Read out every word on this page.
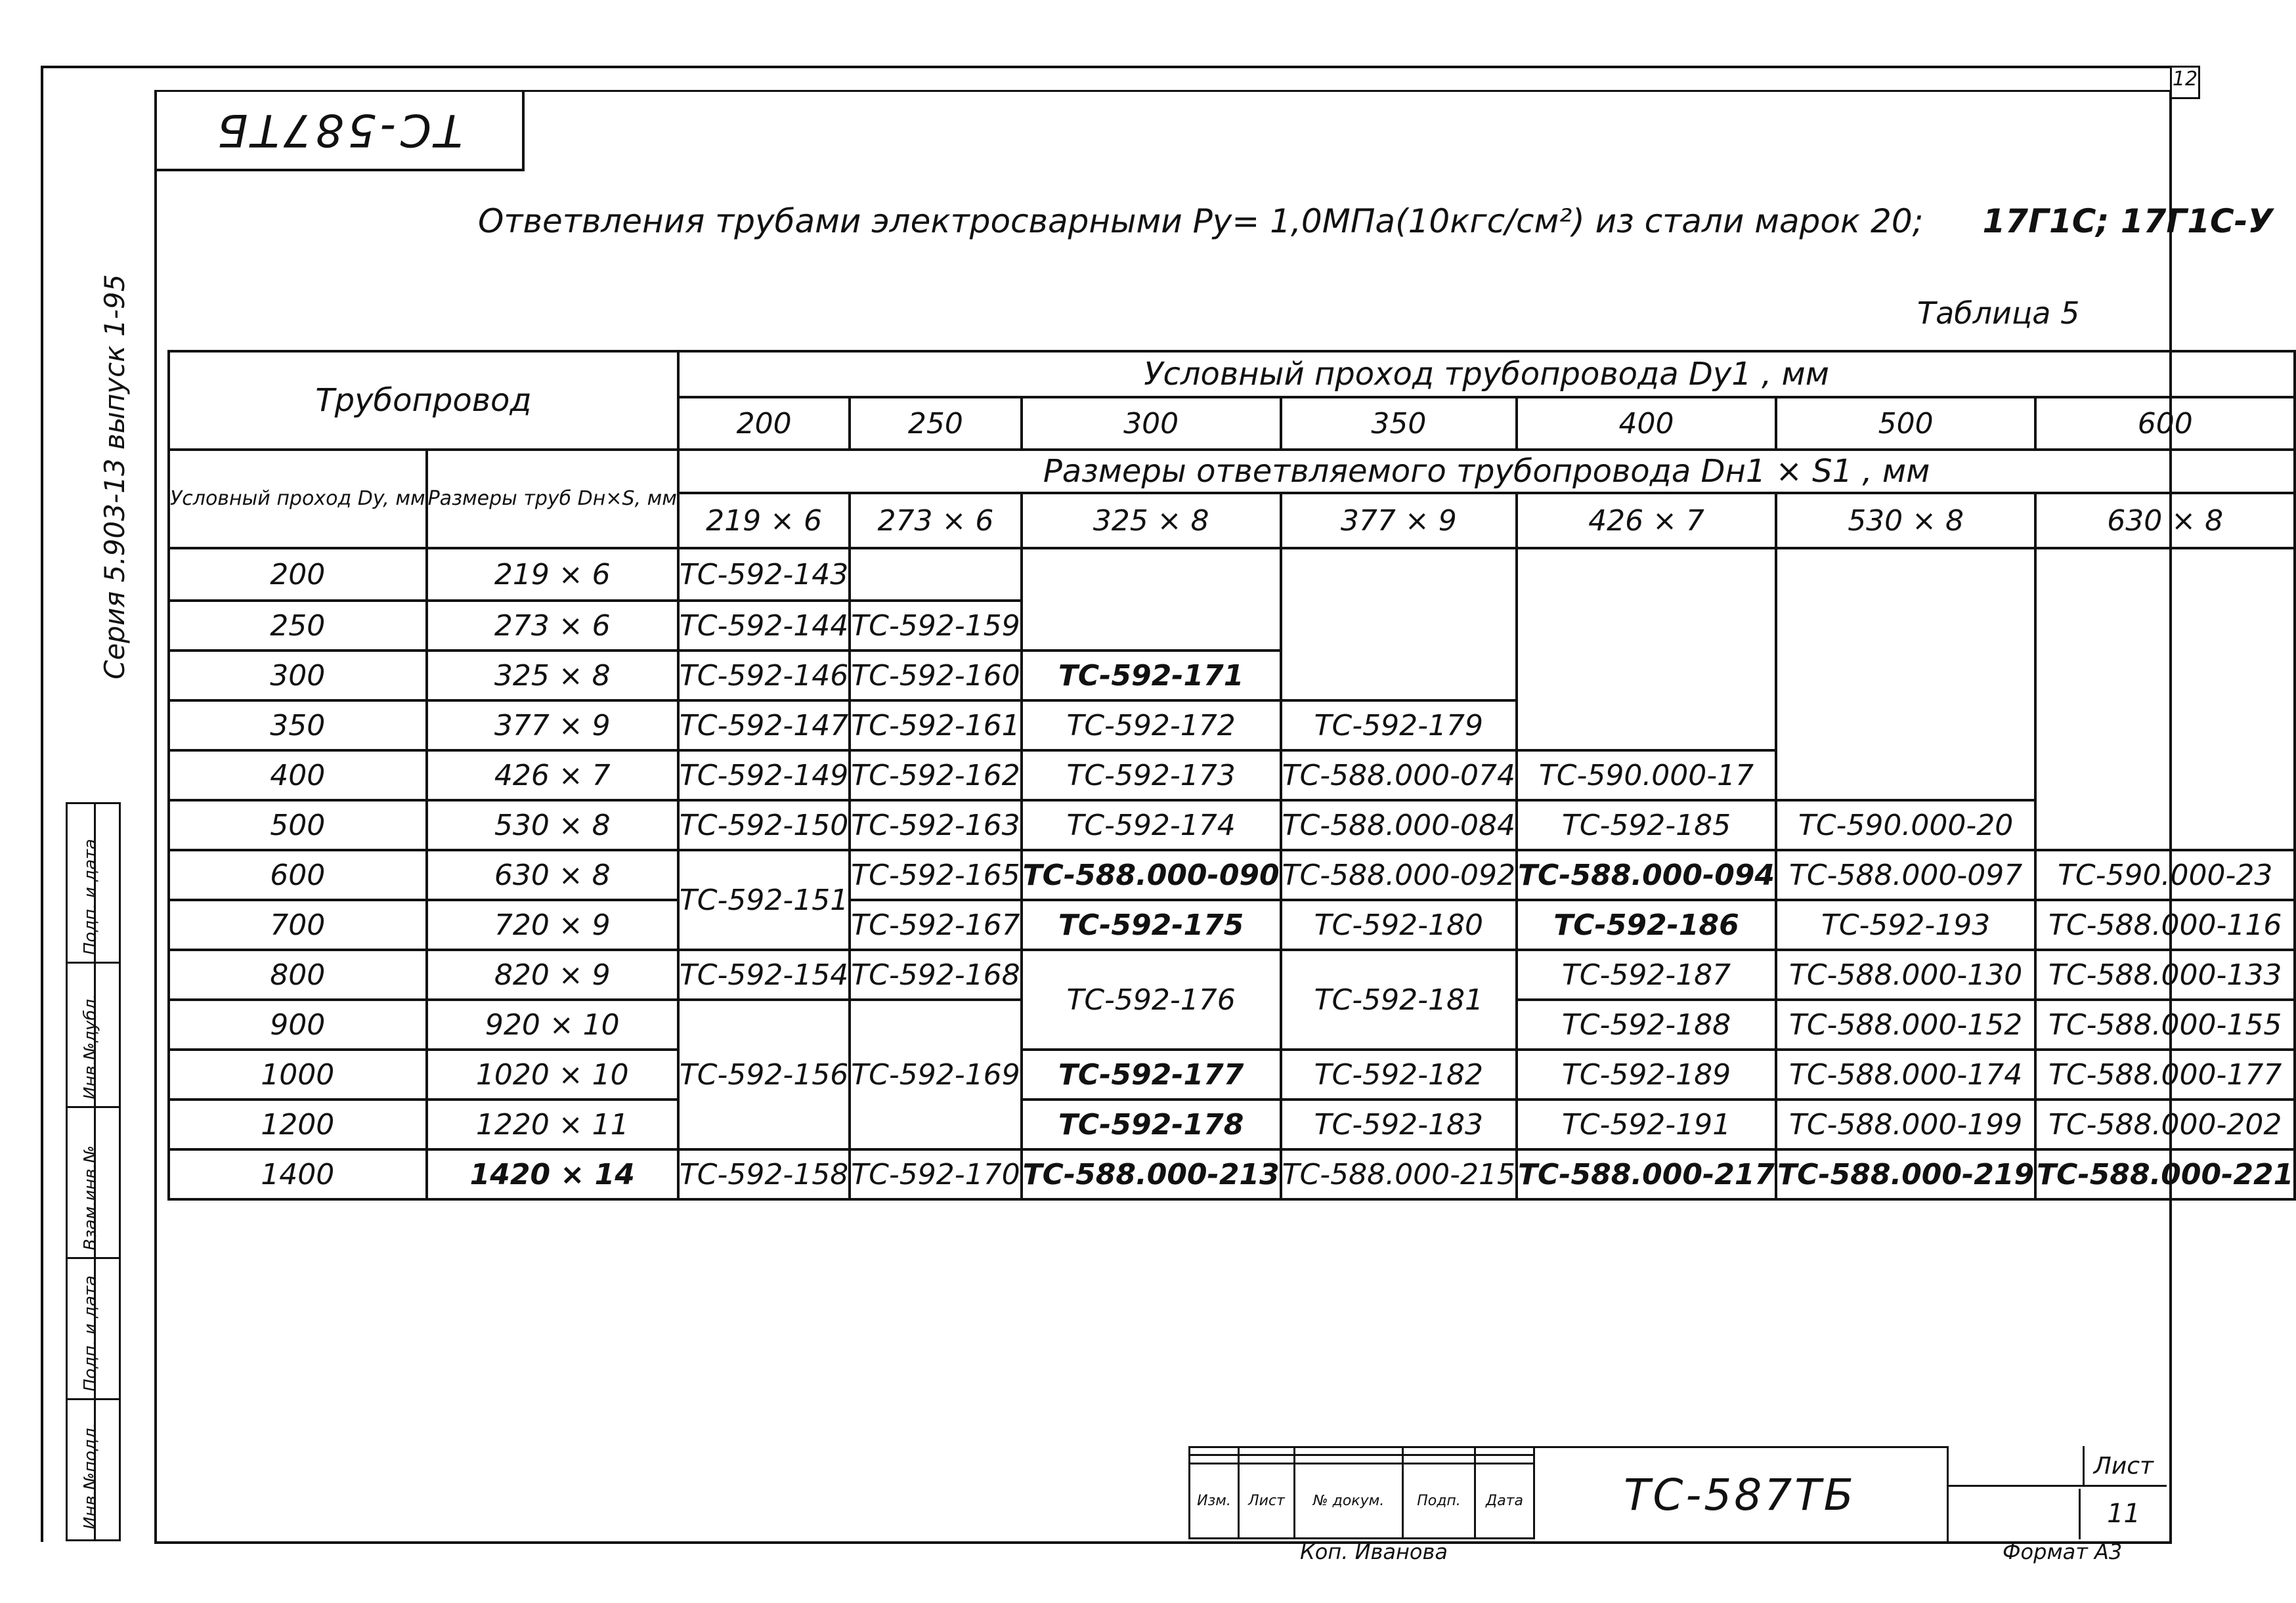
ТС-587ТБ
12
Ответвления трубами электросварными Py= 1,0МПа(10кгс/см²) из стали марок 20; 17Г1С; 17Г1С-У
Таблица 5
Серия 5.903-13 выпуск 1-95
Подп. и дата
Инв.№дубл.
Взам.инв.№
Подп. и дата
Инв.№подл.
Трубопровод		Условный проход трубопровода Dy1 , мм						
		200	250	300	350	400	500	600
Условный проход Dy, мм	Размеры труб Dн×S, мм	Размеры ответвляемого трубопровода Dн1 × S1 , мм						
		219 × 6	273 × 6	325 × 8	377 × 9	426 × 7	530 × 8	630 × 8
200	219 × 6	ТС-592-143						
250	273 × 6	ТС-592-144	ТС-592-159					
300	325 × 8	ТС-592-146	ТС-592-160	ТС-592-171				
350	377 × 9	ТС-592-147	ТС-592-161	ТС-592-172	ТС-592-179			
400	426 × 7	ТС-592-149	ТС-592-162	ТС-592-173	ТС-588.000-074	ТС-590.000-17		
500	530 × 8	ТС-592-150	ТС-592-163	ТС-592-174	ТС-588.000-084	ТС-592-185	ТС-590.000-20	
600	630 × 8	ТС-592-151	ТС-592-165	ТС-588.000-090	ТС-588.000-092	ТС-588.000-094	ТС-588.000-097	ТС-590.000-23
700	720 × 9		ТС-592-167	ТС-592-175	ТС-592-180	ТС-592-186	ТС-592-193	ТС-588.000-116
800	820 × 9	ТС-592-154	ТС-592-168	ТС-592-176	ТС-592-181	ТС-592-187	ТС-588.000-130	ТС-588.000-133
900	920 × 10	ТС-592-156	ТС-592-169			ТС-592-188	ТС-588.000-152	ТС-588.000-155
1000	1020 × 10			ТС-592-177	ТС-592-182	ТС-592-189	ТС-588.000-174	ТС-588.000-177
1200	1220 × 11			ТС-592-178	ТС-592-183	ТС-592-191	ТС-588.000-199	ТС-588.000-202
1400	1420 × 14	ТС-592-158	ТС-592-170	ТС-588.000-213	ТС-588.000-215	ТС-588.000-217	ТС-588.000-219	ТС-588.000-221

Изм.	Лист	№ докум.	Подп.	Дата	ТС-587ТБ
Лист
11
Коп. Иванова	Формат А3
